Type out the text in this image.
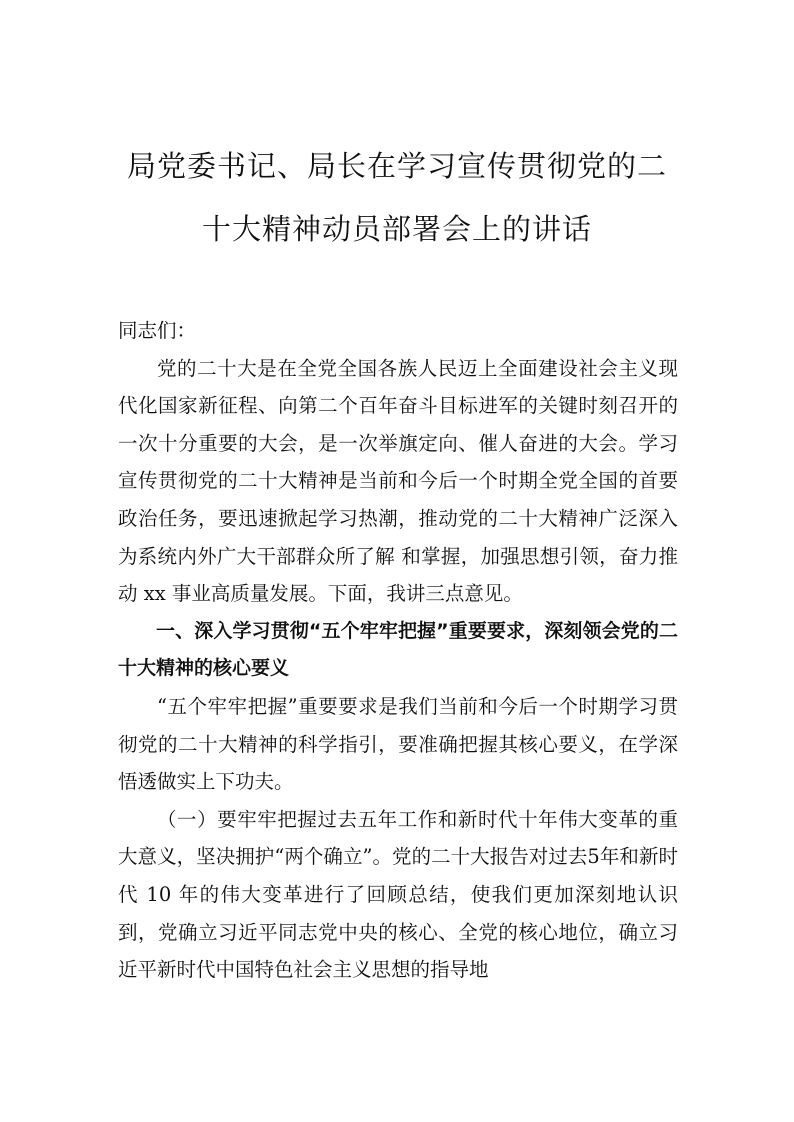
局党委书记、局长在学习宣传贯彻党的二
十大精神动员部署会上的讲话

同志们：

党的二十大是在全党全国各族人民迈上全面建设社会主义现代化国家新征程、向第二个百年奋斗目标进军的关键时刻召开的一次十分重要的大会，是一次举旗定向、催人奋进的大会。学习宣传贯彻党的二十大精神是当前和今后一个时期全党全国的首要政治任务，要迅速掀起学习热潮，推动党的二十大精神广泛深入为系统内外广大干部群众所了解 和掌握，加强思想引领，奋力推动 xx 事业高质量发展。下面，我讲三点意见。

一、深入学习贯彻“五个牢牢把握”重要要求，深刻领会党的二十大精神的核心要义

“五个牢牢把握”重要要求是我们当前和今后一个时期学习贯彻党的二十大精神的科学指引，要准确把握其核心要义，在学深悟透做实上下功夫。

（一）要牢牢把握过去五年工作和新时代十年伟大变革的重大意义，坚决拥护“两个确立”。党的二十大报告对过去5年和新时代 10 年的伟大变革进行了回顾总结，使我们更加深刻地认识到，党确立习近平同志党中央的核心、全党的核心地位，确立习近平新时代中国特色社会主义思想的指导地
